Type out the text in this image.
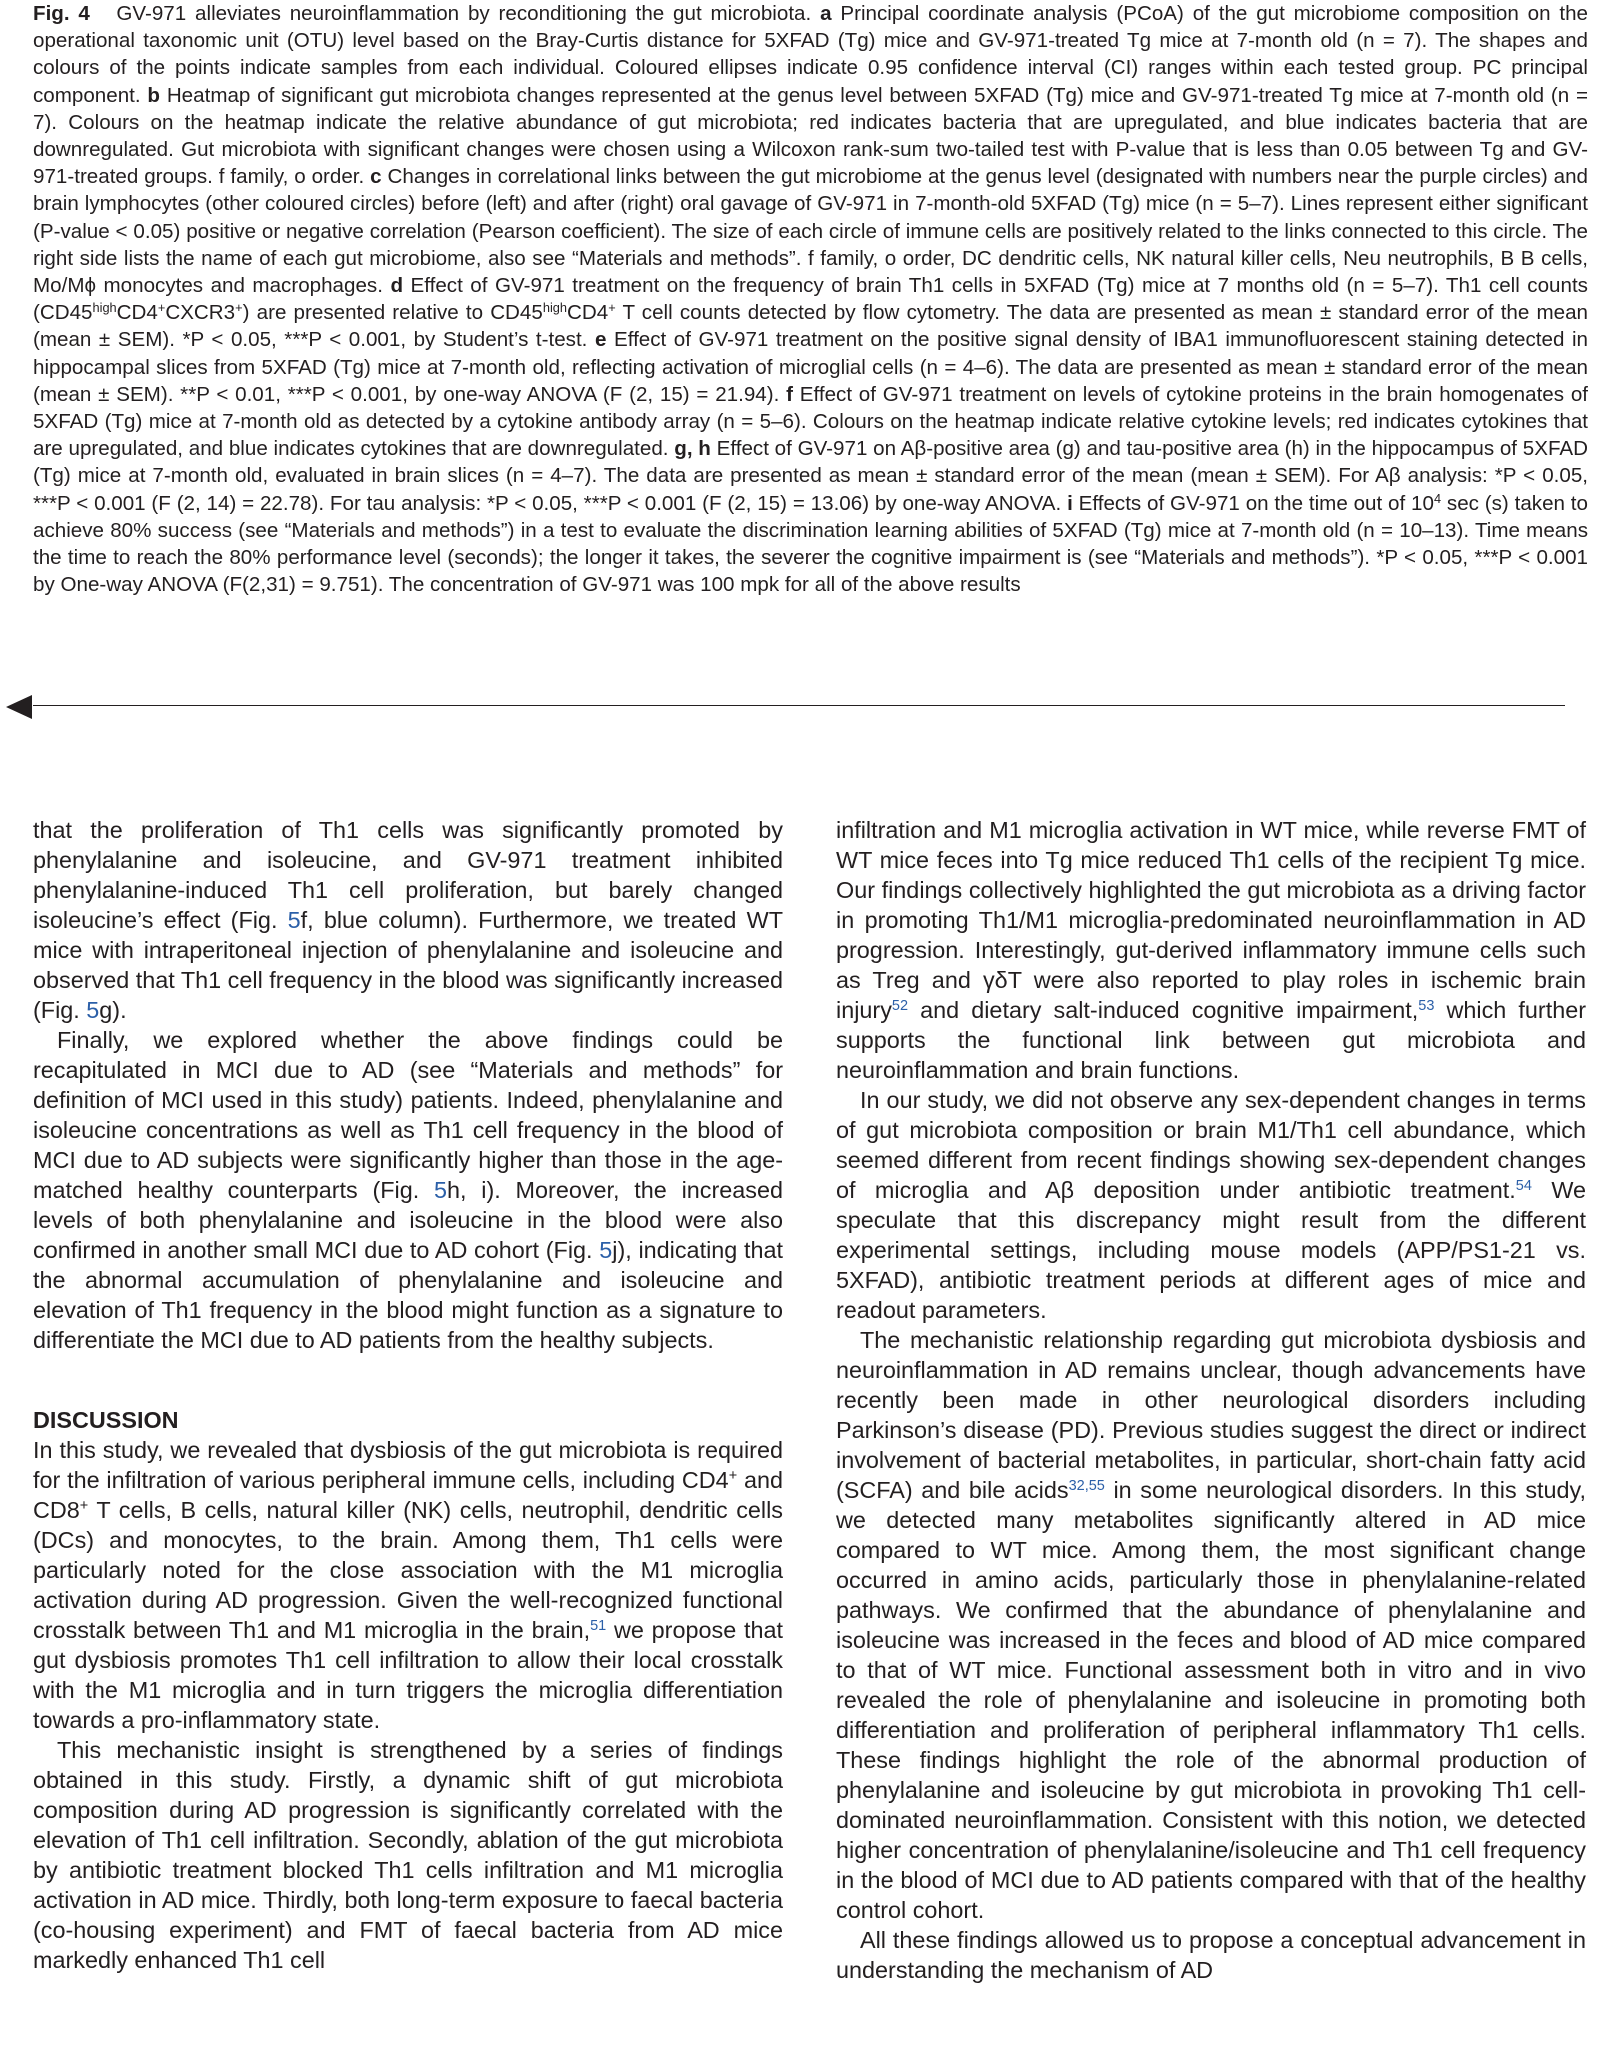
Fig. 4 GV-971 alleviates neuroinflammation by reconditioning the gut microbiota. a Principal coordinate analysis (PCoA) of the gut microbiome composition on the operational taxonomic unit (OTU) level based on the Bray-Curtis distance for 5XFAD (Tg) mice and GV-971-treated Tg mice at 7-month old (n = 7). The shapes and colours of the points indicate samples from each individual. Coloured ellipses indicate 0.95 confidence interval (CI) ranges within each tested group. PC principal component. b Heatmap of significant gut microbiota changes represented at the genus level between 5XFAD (Tg) mice and GV-971-treated Tg mice at 7-month old (n = 7). Colours on the heatmap indicate the relative abundance of gut microbiota; red indicates bacteria that are upregulated, and blue indicates bacteria that are downregulated. Gut microbiota with significant changes were chosen using a Wilcoxon rank-sum two-tailed test with P-value that is less than 0.05 between Tg and GV-971-treated groups. f family, o order. c Changes in correlational links between the gut microbiome at the genus level (designated with numbers near the purple circles) and brain lymphocytes (other coloured circles) before (left) and after (right) oral gavage of GV-971 in 7-month-old 5XFAD (Tg) mice (n = 5–7). Lines represent either significant (P-value < 0.05) positive or negative correlation (Pearson coefficient). The size of each circle of immune cells are positively related to the links connected to this circle. The right side lists the name of each gut microbiome, also see “Materials and methods”. f family, o order, DC dendritic cells, NK natural killer cells, Neu neutrophils, B B cells, Mo/Mϕ monocytes and macrophages. d Effect of GV-971 treatment on the frequency of brain Th1 cells in 5XFAD (Tg) mice at 7 months old (n = 5–7). Th1 cell counts $(CD45^{high}CD4^+CXCR3^+)$ are presented relative to $CD45^{high}CD4^+$ T cell counts detected by flow cytometry. The data are presented as mean ± standard error of the mean (mean ± SEM). *P < 0.05, ***P < 0.001, by Student’s t-test. e Effect of GV-971 treatment on the positive signal density of IBA1 immunofluorescent staining detected in hippocampal slices from 5XFAD (Tg) mice at 7-month old, reflecting activation of microglial cells (n = 4–6). The data are presented as mean ± standard error of the mean (mean ± SEM). **P < 0.01, ***P < 0.001, by one-way ANOVA (F (2, 15) = 21.94). f Effect of GV-971 treatment on levels of cytokine proteins in the brain homogenates of 5XFAD (Tg) mice at 7-month old as detected by a cytokine antibody array (n = 5–6). Colours on the heatmap indicate relative cytokine levels; red indicates cytokines that are upregulated, and blue indicates cytokines that are downregulated. g, h Effect of GV-971 on Aβ-positive area (g) and tau-positive area (h) in the hippocampus of 5XFAD (Tg) mice at 7-month old, evaluated in brain slices (n = 4–7). The data are presented as mean ± standard error of the mean (mean ± SEM). For Aβ analysis: *P < 0.05, ***P < 0.001 (F (2, 14) = 22.78). For tau analysis: *P < 0.05, ***P < 0.001 (F (2, 15) = 13.06) by one-way ANOVA. i Effects of GV-971 on the time out of $10^4$ sec (s) taken to achieve 80% success (see “Materials and methods”) in a test to evaluate the discrimination learning abilities of 5XFAD (Tg) mice at 7-month old (n = 10–13). Time means the time to reach the 80% performance level (seconds); the longer it takes, the severer the cognitive impairment is (see “Materials and methods”). *P < 0.05, ***P < 0.001 by One-way ANOVA (F(2,31) = 9.751). The concentration of GV-971 was 100 mpk for all of the above results

that the proliferation of Th1 cells was significantly promoted by phenylalanine and isoleucine, and GV-971 treatment inhibited phenylalanine-induced Th1 cell proliferation, but barely changed isoleucine’s effect (Fig. 5f, blue column). Furthermore, we treated WT mice with intraperitoneal injection of phenylalanine and isoleucine and observed that Th1 cell frequency in the blood was significantly increased (Fig. 5g).

Finally, we explored whether the above findings could be recapitulated in MCI due to AD (see “Materials and methods” for definition of MCI used in this study) patients. Indeed, phenylalanine and isoleucine concentrations as well as Th1 cell frequency in the blood of MCI due to AD subjects were significantly higher than those in the age-matched healthy counterparts (Fig. 5h, i). Moreover, the increased levels of both phenylalanine and isoleucine in the blood were also confirmed in another small MCI due to AD cohort (Fig. 5j), indicating that the abnormal accumulation of phenylalanine and isoleucine and elevation of Th1 frequency in the blood might function as a signature to differentiate the MCI due to AD patients from the healthy subjects.

DISCUSSION

In this study, we revealed that dysbiosis of the gut microbiota is required for the infiltration of various peripheral immune cells, including CD4+ and CD8+ T cells, B cells, natural killer (NK) cells, neutrophil, dendritic cells (DCs) and monocytes, to the brain. Among them, Th1 cells were particularly noted for the close association with the M1 microglia activation during AD progression. Given the well-recognized functional crosstalk between Th1 and M1 microglia in the brain,$^{51}$ we propose that gut dysbiosis promotes Th1 cell infiltration to allow their local crosstalk with the M1 microglia and in turn triggers the microglia differentiation towards a pro-inflammatory state.

This mechanistic insight is strengthened by a series of findings obtained in this study. Firstly, a dynamic shift of gut microbiota composition during AD progression is significantly correlated with the elevation of Th1 cell infiltration. Secondly, ablation of the gut microbiota by antibiotic treatment blocked Th1 cells infiltration and M1 microglia activation in AD mice. Thirdly, both long-term exposure to faecal bacteria (co-housing experiment) and FMT of faecal bacteria from AD mice markedly enhanced Th1 cell

infiltration and M1 microglia activation in WT mice, while reverse FMT of WT mice feces into Tg mice reduced Th1 cells of the recipient Tg mice. Our findings collectively highlighted the gut microbiota as a driving factor in promoting Th1/M1 microglia-predominated neuroinflammation in AD progression. Interestingly, gut-derived inflammatory immune cells such as Treg and γδT were also reported to play roles in ischemic brain injury$^{52}$ and dietary salt-induced cognitive impairment,$^{53}$ which further supports the functional link between gut microbiota and neuroinflammation and brain functions.

In our study, we did not observe any sex-dependent changes in terms of gut microbiota composition or brain M1/Th1 cell abundance, which seemed different from recent findings showing sex-dependent changes of microglia and Aβ deposition under antibiotic treatment.$^{54}$ We speculate that this discrepancy might result from the different experimental settings, including mouse models (APP/PS1-21 vs. 5XFAD), antibiotic treatment periods at different ages of mice and readout parameters.

The mechanistic relationship regarding gut microbiota dysbiosis and neuroinflammation in AD remains unclear, though advancements have recently been made in other neurological disorders including Parkinson’s disease (PD). Previous studies suggest the direct or indirect involvement of bacterial metabolites, in particular, short-chain fatty acid (SCFA) and bile acids$^{32,55}$ in some neurological disorders. In this study, we detected many metabolites significantly altered in AD mice compared to WT mice. Among them, the most significant change occurred in amino acids, particularly those in phenylalanine-related pathways. We confirmed that the abundance of phenylalanine and isoleucine was increased in the feces and blood of AD mice compared to that of WT mice. Functional assessment both in vitro and in vivo revealed the role of phenylalanine and isoleucine in promoting both differentiation and proliferation of peripheral inflammatory Th1 cells. These findings highlight the role of the abnormal production of phenylalanine and isoleucine by gut microbiota in provoking Th1 cell-dominated neuroinflammation. Consistent with this notion, we detected higher concentration of phenylalanine/isoleucine and Th1 cell frequency in the blood of MCI due to AD patients compared with that of the healthy control cohort.

All these findings allowed us to propose a conceptual advancement in understanding the mechanism of AD
